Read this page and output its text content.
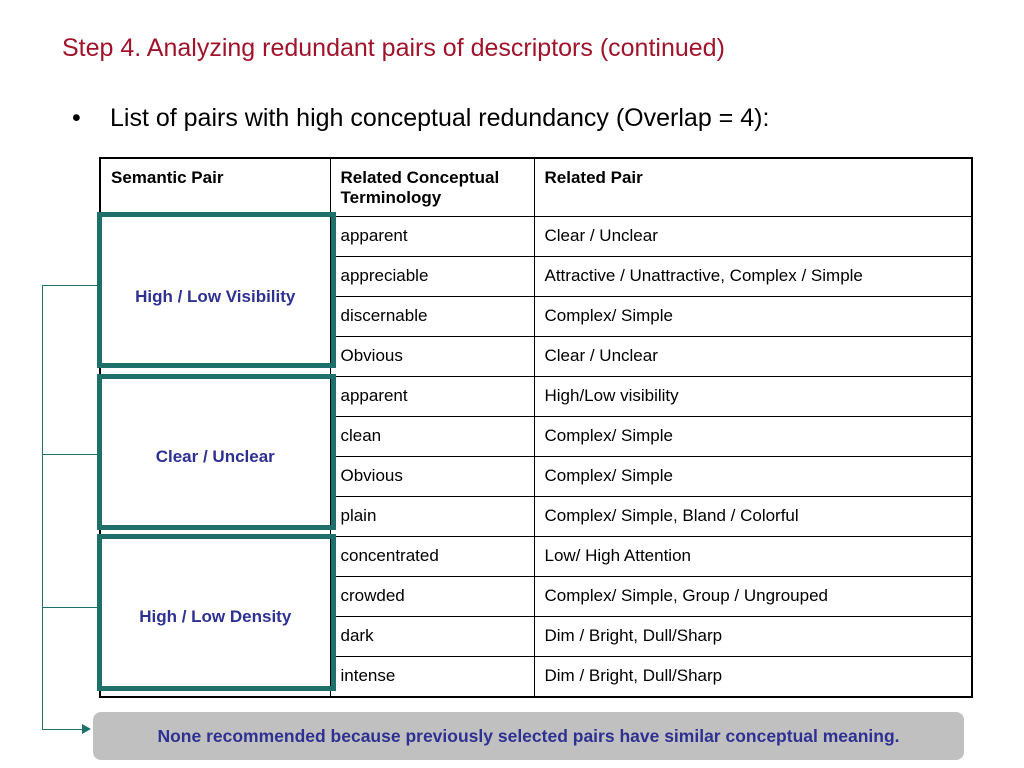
Step 4. Analyzing redundant pairs of descriptors (continued)
• List of pairs with high conceptual redundancy (Overlap = 4):
Semantic Pair	Related Conceptual Terminology	Related Pair
High / Low Visibility	apparent	Clear / Unclear
	appreciable	Attractive / Unattractive, Complex / Simple
	discernable	Complex/ Simple
	Obvious	Clear / Unclear
Clear / Unclear	apparent	High/Low visibility
	clean	Complex/ Simple
	Obvious	Complex/ Simple
	plain	Complex/ Simple, Bland / Colorful
High / Low Density	concentrated	Low/ High Attention
	crowded	Complex/ Simple, Group / Ungrouped
	dark	Dim / Bright, Dull/Sharp
	intense	Dim / Bright, Dull/Sharp
None recommended because previously selected pairs have similar conceptual meaning.
